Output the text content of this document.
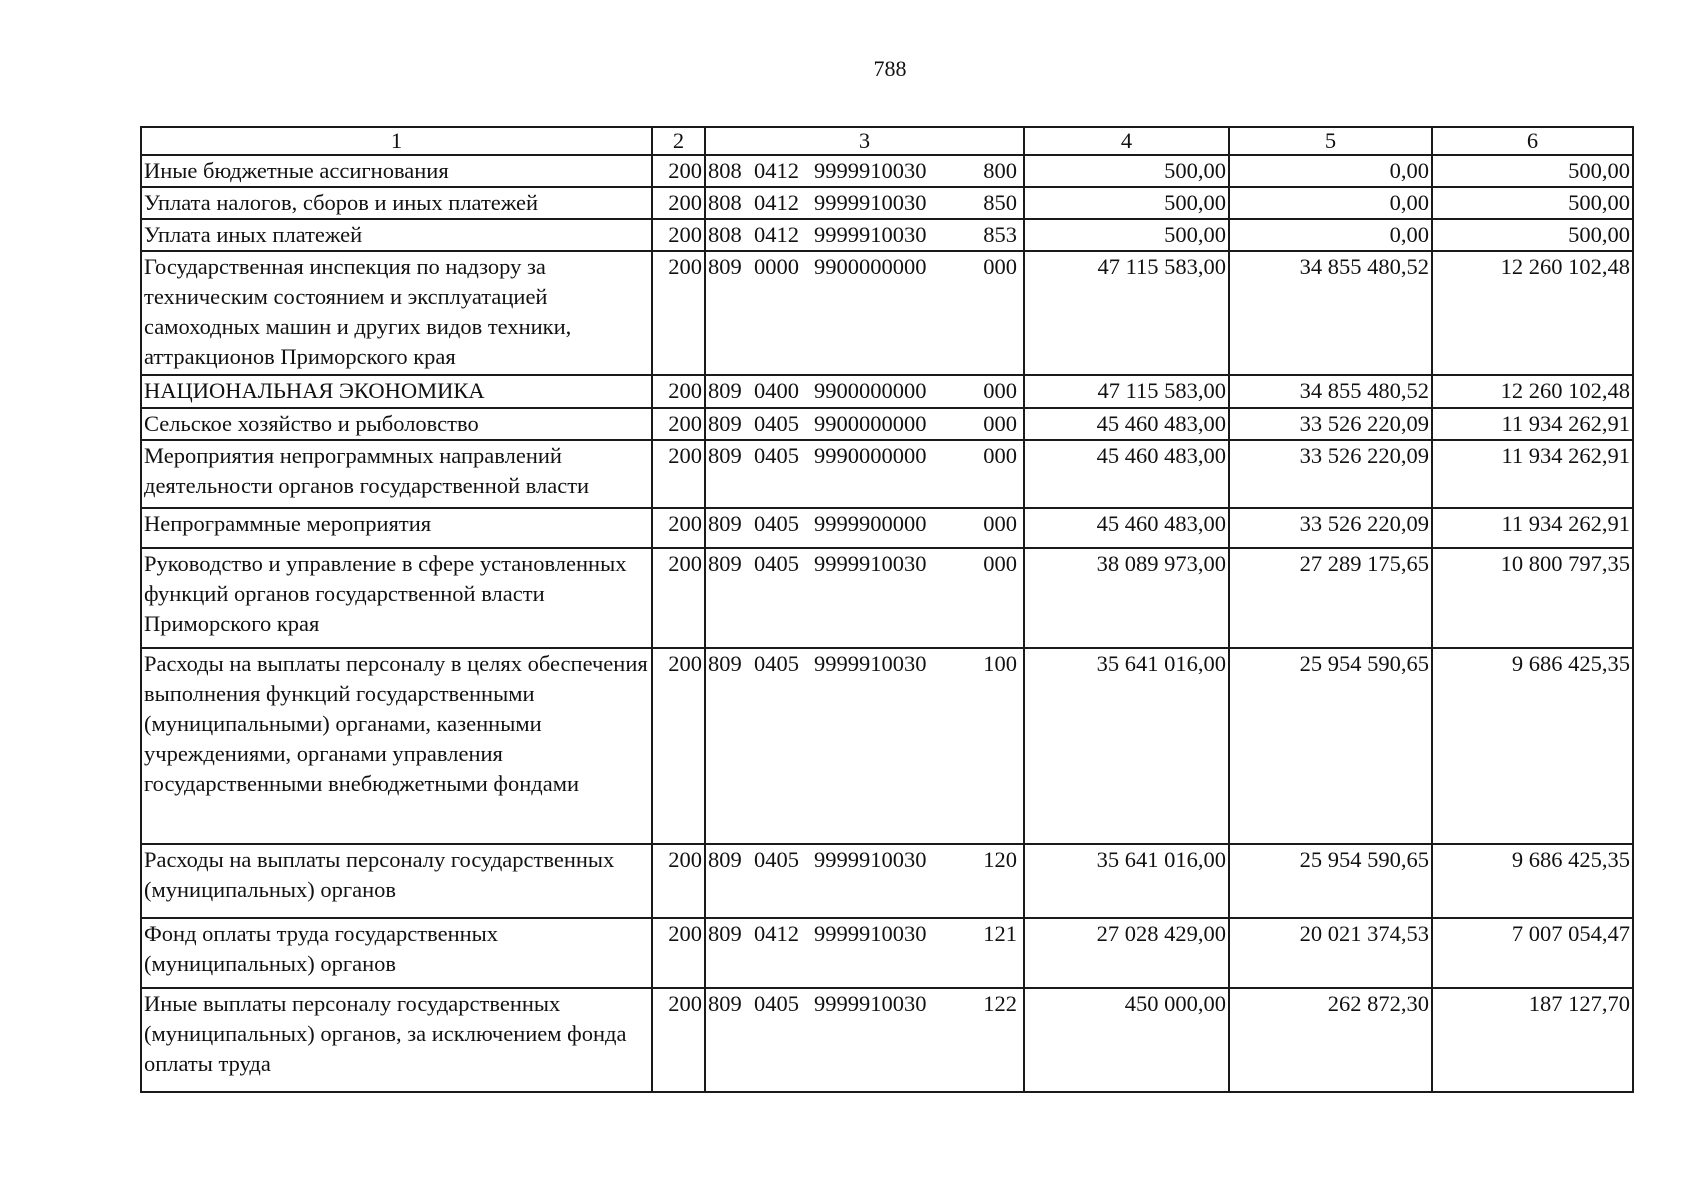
788
1	2	3	4	5	6
Иные бюджетные ассигнования	200	808 0412 9999910030 800	500,00	0,00	500,00
Уплата налогов, сборов и иных платежей	200	808 0412 9999910030 850	500,00	0,00	500,00
Уплата иных платежей	200	808 0412 9999910030 853	500,00	0,00	500,00
Государственная инспекция по надзору за техническим состоянием и эксплуатацией самоходных машин и других видов техники, аттракционов Приморского края	200	809 0000 9900000000 000	47 115 583,00	34 855 480,52	12 260 102,48
НАЦИОНАЛЬНАЯ ЭКОНОМИКА	200	809 0400 9900000000 000	47 115 583,00	34 855 480,52	12 260 102,48
Сельское хозяйство и рыболовство	200	809 0405 9900000000 000	45 460 483,00	33 526 220,09	11 934 262,91
Мероприятия непрограммных направлений деятельности органов государственной власти	200	809 0405 9990000000 000	45 460 483,00	33 526 220,09	11 934 262,91
Непрограммные мероприятия	200	809 0405 9999900000 000	45 460 483,00	33 526 220,09	11 934 262,91
Руководство и управление в сфере установленных функций органов государственной власти Приморского края	200	809 0405 9999910030 000	38 089 973,00	27 289 175,65	10 800 797,35
Расходы на выплаты персоналу в целях обеспечения выполнения функций государственными (муниципальными) органами, казенными учреждениями, органами управления государственными внебюджетными фондами	200	809 0405 9999910030 100	35 641 016,00	25 954 590,65	9 686 425,35
Расходы на выплаты персоналу государственных (муниципальных) органов	200	809 0405 9999910030 120	35 641 016,00	25 954 590,65	9 686 425,35
Фонд оплаты труда государственных (муниципальных) органов	200	809 0412 9999910030 121	27 028 429,00	20 021 374,53	7 007 054,47
Иные выплаты персоналу государственных (муниципальных) органов, за исключением фонда оплаты труда	200	809 0405 9999910030 122	450 000,00	262 872,30	187 127,70
